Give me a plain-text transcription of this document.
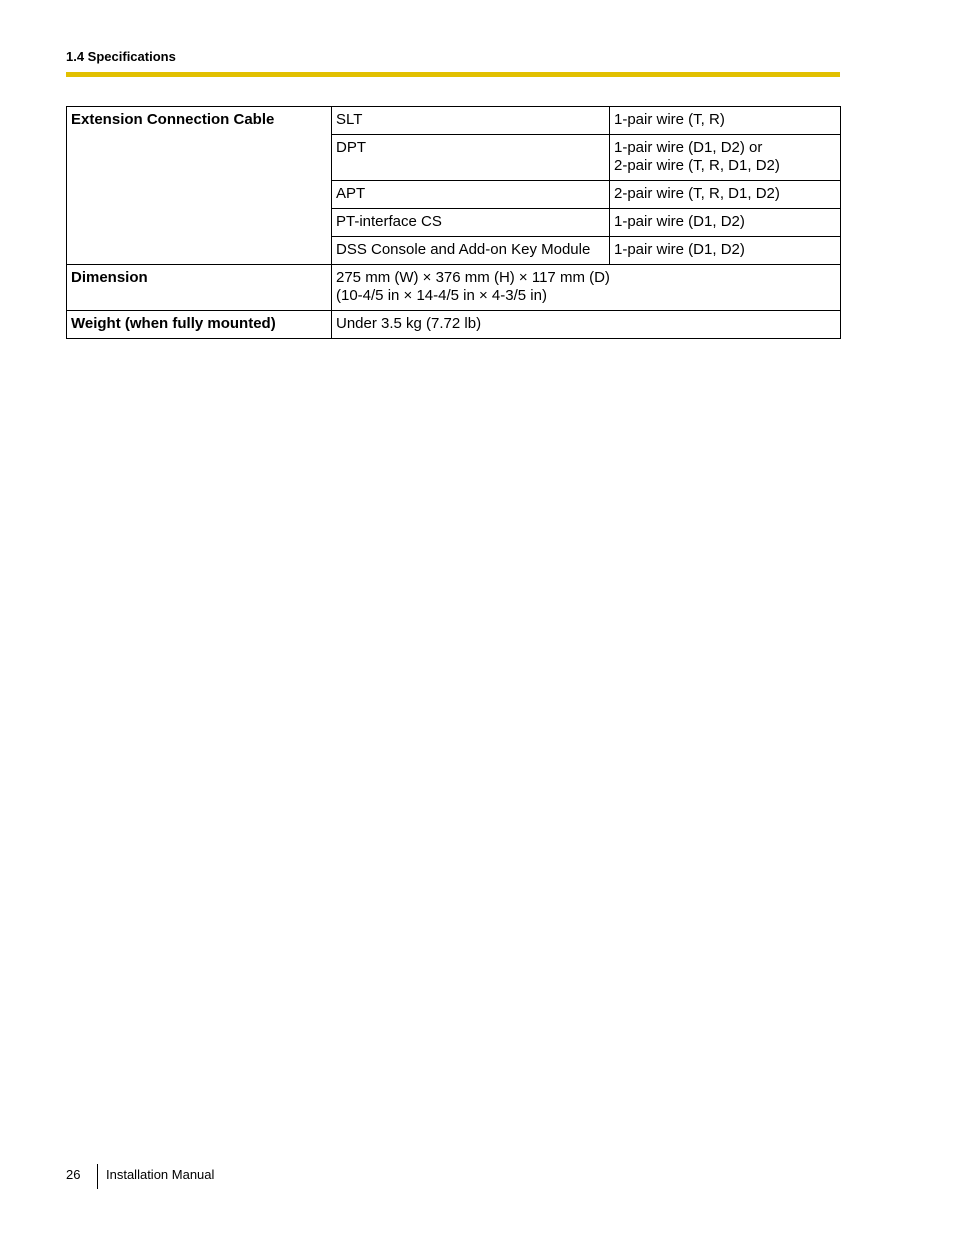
1.4 Specifications
Extension Connection Cable	SLT	1-pair wire (T, R)

	DPT	1-pair wire (D1, D2) or
2-pair wire (T, R, D1, D2)

	APT	2-pair wire (T, R, D1, D2)

	PT-interface CS	1-pair wire (D1, D2)

	DSS Console and Add-on Key Module	1-pair wire (D1, D2)

Dimension	275 mm (W) × 376 mm (H) × 117 mm (D)
(10-4/5 in × 14-4/5 in × 4-3/5 in)	

Weight (when fully mounted)	Under 3.5 kg (7.72 lb)	
26 Installation Manual
